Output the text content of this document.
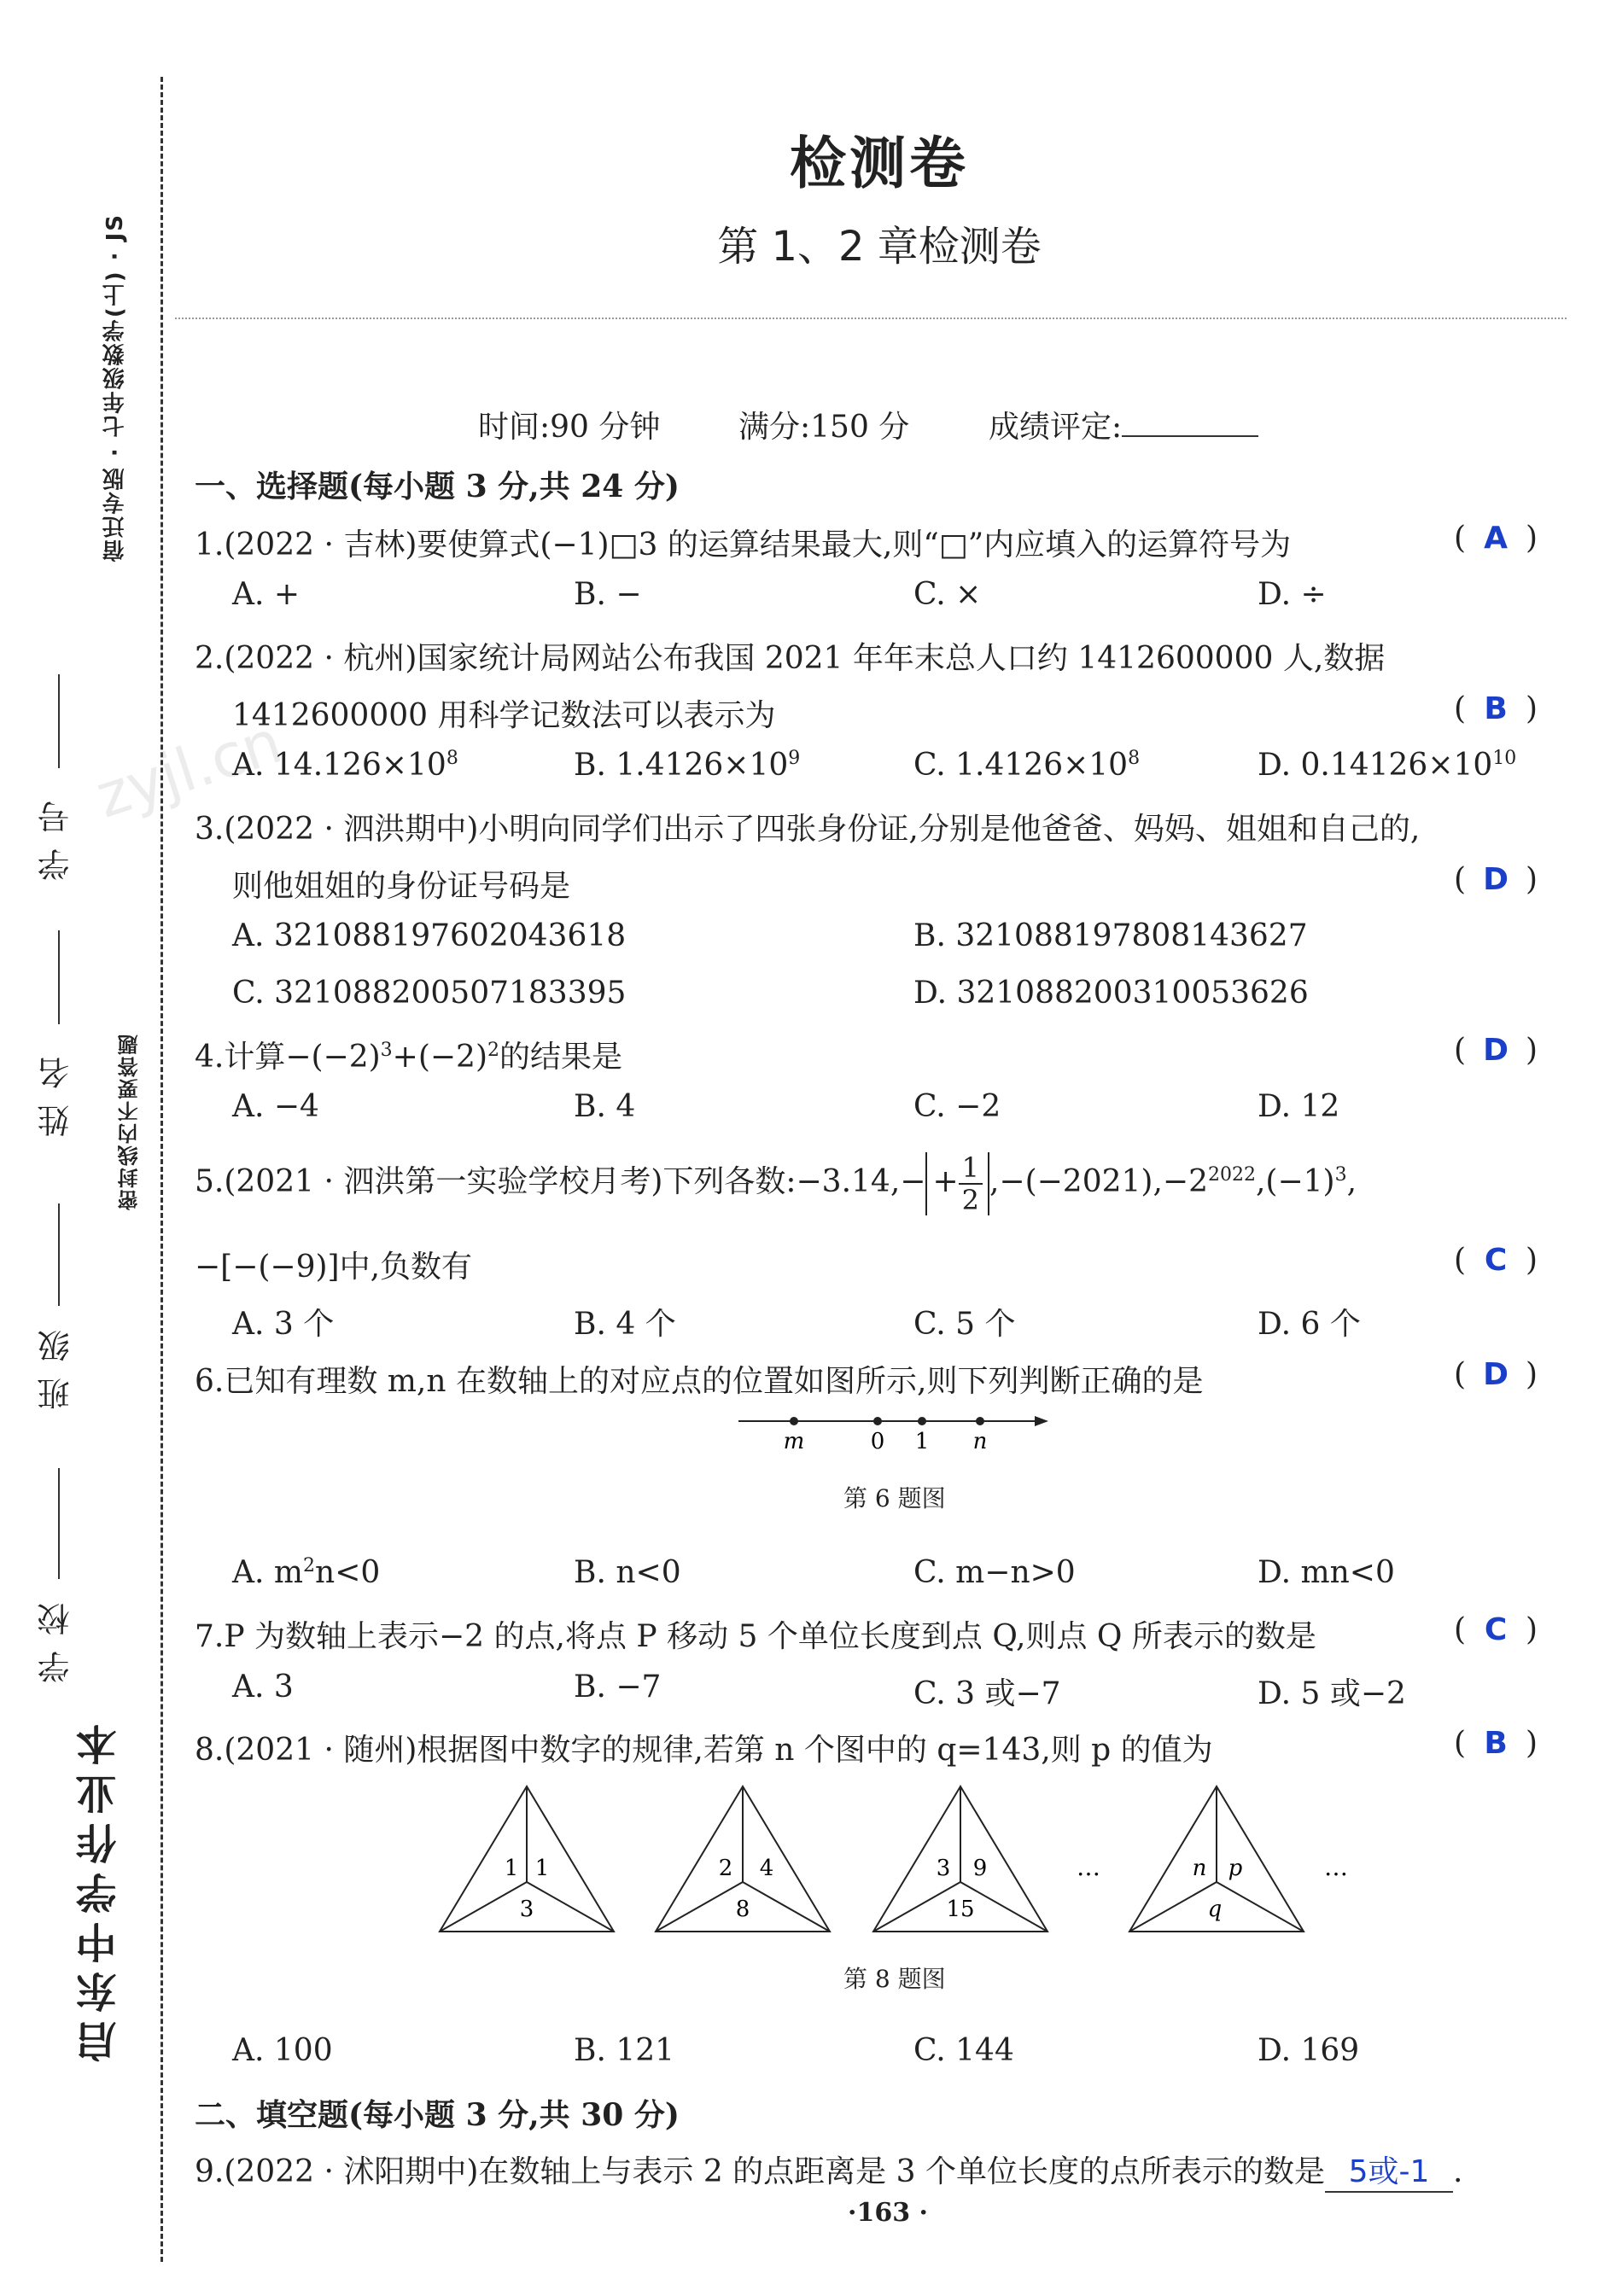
宿迁专版 · 七年级数学(上) · JS
密封线内不要答题
学号
姓名
班级
学校
启东中学作业本
zyjl.cn
检测卷
第 1、2 章检测卷
时间:90 分钟	满分:150 分	成绩评定:
一、选择题(每小题 3 分,共 24 分)
1.(2022 · 吉林)要使算式(−1)□3 的运算结果最大,则“□”内应填入的运算符号为	( A )
A. +	B. −	C. ×	D. ÷
2.(2022 · 杭州)国家统计局网站公布我国 2021 年年末总人口约 1412600000 人,数据
1412600000 用科学记数法可以表示为	( B )
A. $14.126\times 10^8$	B. $1.4126\times 10^9$	C. $1.4126\times 10^8$	D. $0.14126\times 10^{10}$
3.(2022 · 泗洪期中)小明向同学们出示了四张身份证,分别是他爸爸、妈妈、姐姐和自己的,
则他姐姐的身份证号码是	( D )
A. 321088197602043618	B. 321088197808143627
C. 321088200507183395	D. 321088200310053626
4.计算$-(-2)^3+(-2)^2$的结果是	( D )
A. −4	B. 4	C. −2	D. 12
5.(2021 · 泗洪第一实验学校月考)下列各数:−3.14,− + $\frac{1}{2} ,-(-2021),-2^{2022},(-1)^3$,
−[−(−9)]中,负数有	( C )
A. 3 个	B. 4 个	C. 5 个	D. 6 个
6.已知有理数 m,n 在数轴上的对应点的位置如图所示,则下列判断正确的是	( D )
m	0 1 n
第 6 题图
A. $m^2n<0$	B. n<0	C. m−n>0	D. mn<0
7.P 为数轴上表示−2 的点,将点 P 移动 5 个单位长度到点 Q,则点 Q 所表示的数是	( C )
A. 3	B. −7	C. 3 或−7	D. 5 或−2
8.(2021 · 随州)根据图中数字的规律,若第 n 个图中的 q=143,则 p 的值为	( B )
1 1
3
2 4
8
3 9
15
…	n p
q
…
第 8 题图
A. 100	B. 121	C. 144	D. 169
二、填空题(每小题 3 分,共 30 分)
9.(2022 · 沭阳期中)在数轴上与表示 2 的点距离是 3 个单位长度的点所表示的数是 5或-1 .
·163 ·
